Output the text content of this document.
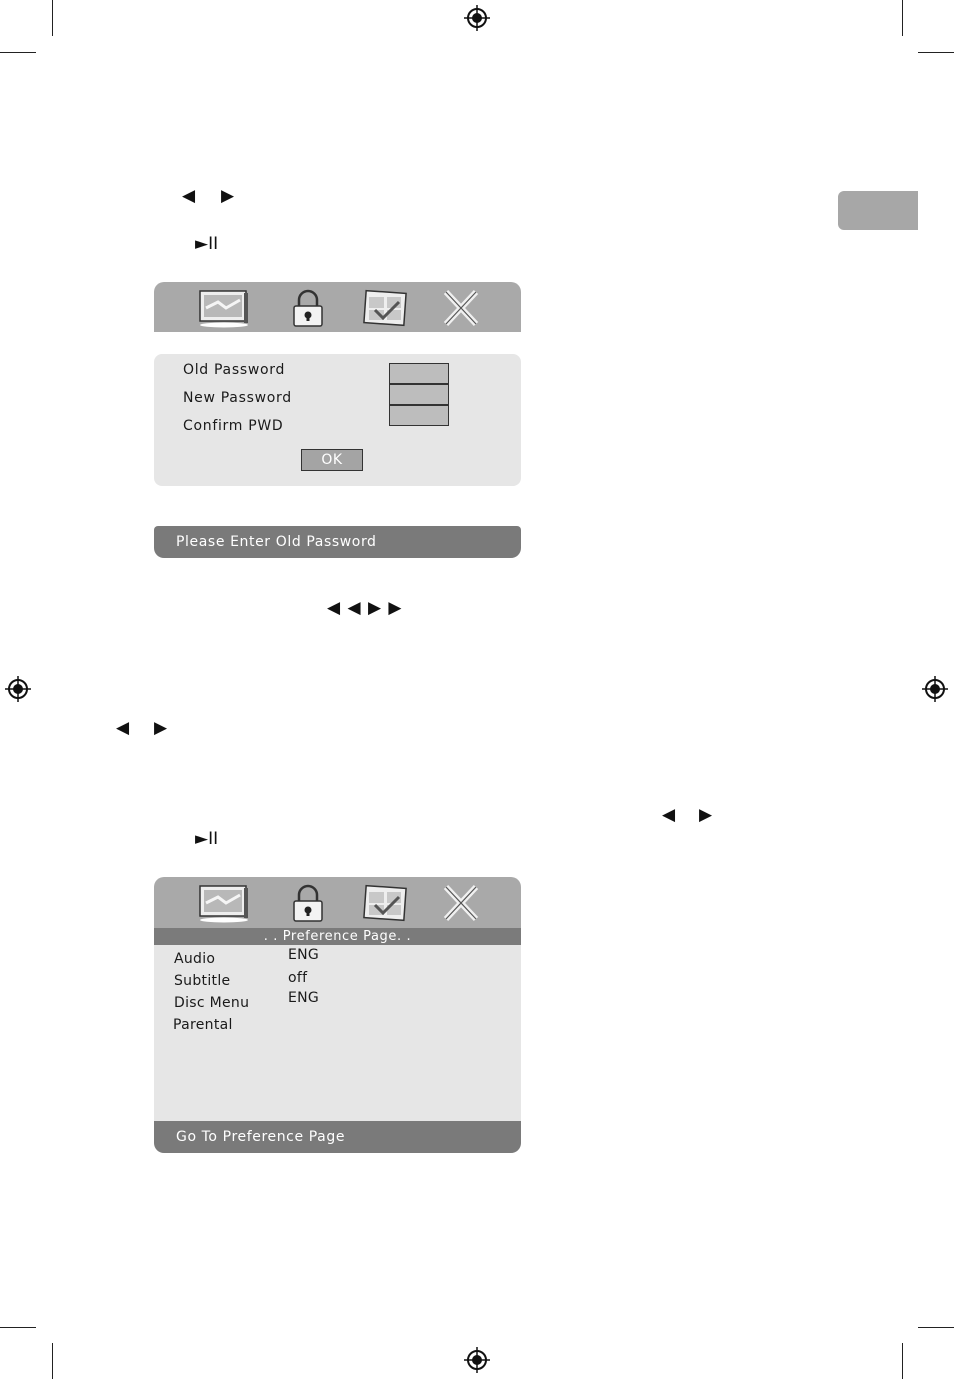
◀ ▶
►II
Old Password
New Password
Confirm PWD
OK
Please Enter Old Password
◀ ◀ ▶ ▶
◀ ▶
◀ ▶
►II
. . Preference Page. .
Audio
Subtitle
Disc Menu
Parental
ENG
off
ENG
Go To Preference Page
